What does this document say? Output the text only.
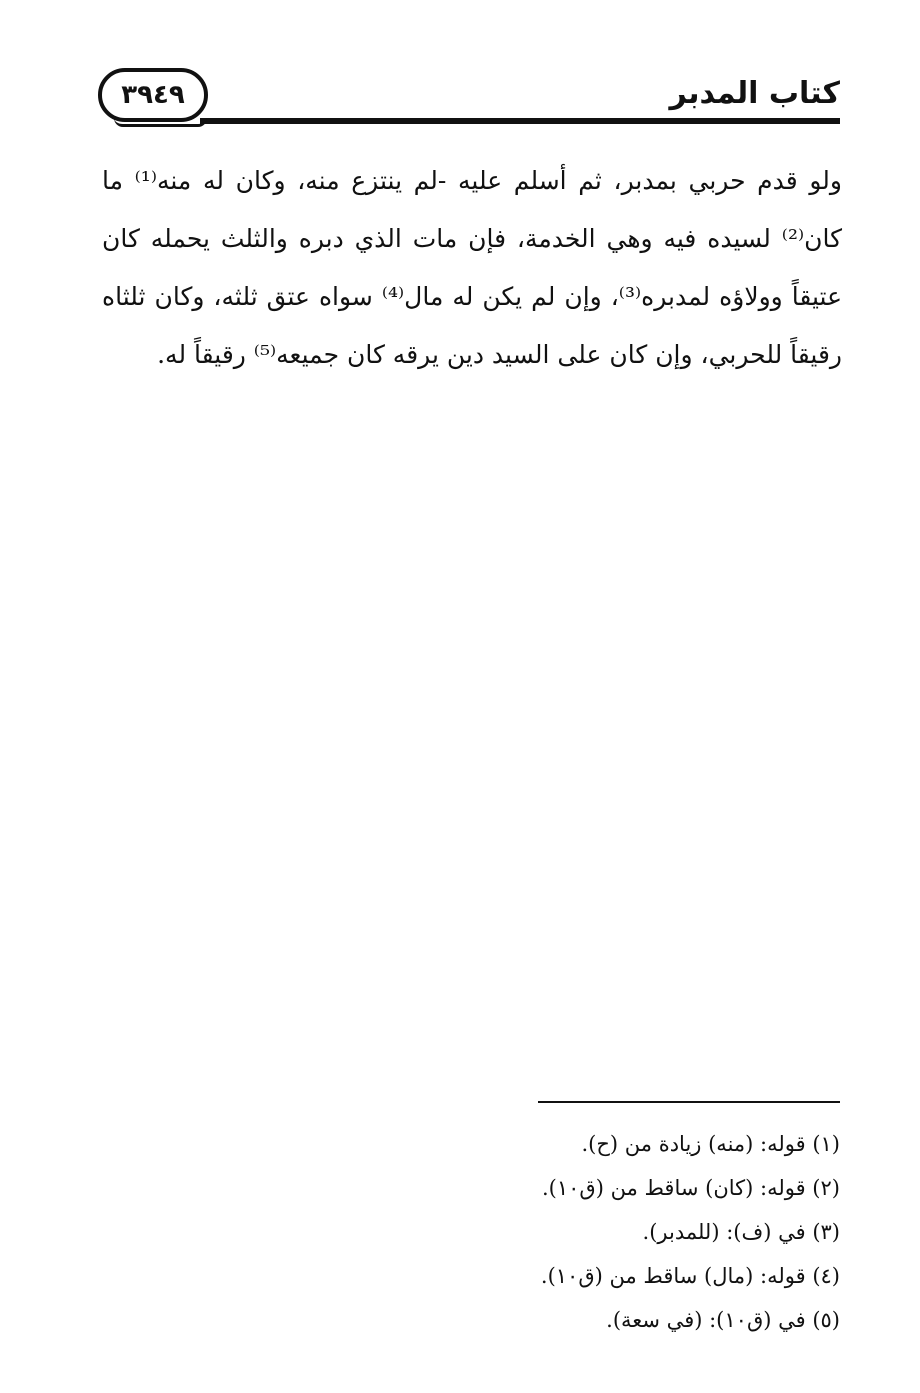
كتاب المدبر
٣٩٤٩

ولو قدم حربي بمدبر، ثم أسلم عليه -لم ينتزع منه، وكان له منه⁽¹⁾ ما كان⁽²⁾ لسيده فيه وهي الخدمة، فإن مات الذي دبره والثلث يحمله كان عتيقاً وولاؤه لمدبره⁽³⁾، وإن لم يكن له مال⁽⁴⁾ سواه عتق ثلثه، وكان ثلثاه رقيقاً للحربي، وإن كان على السيد دين يرقه كان جميعه⁽⁵⁾ رقيقاً له.

(١) قوله: (منه) زيادة من (ح).

(٢) قوله: (كان) ساقط من (ق١٠).

(٣) في (ف): (للمدبر).

(٤) قوله: (مال) ساقط من (ق١٠).

(٥) في (ق١٠): (في سعة).
